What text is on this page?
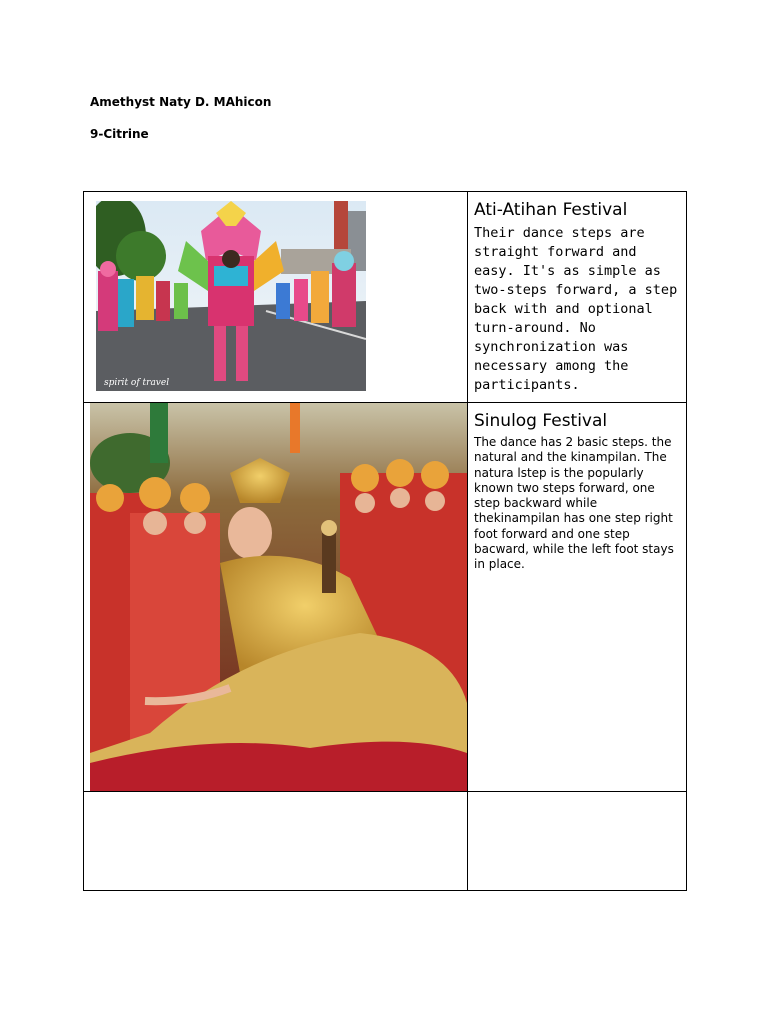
Amethyst Naty D. MAhicon
9-Citrine
spirit of travel	Ati-Atihan Festival
Their dance steps are straight forward and easy. It's as simple as two-steps forward, a step back with and optional turn-around. No synchronization was necessary among the participants.

Sinulog Festival
The dance has 2 basic steps. the natural and the kinampilan. The natura lstep is the popularly known two steps forward, one step backward while thekinampilan has one step right foot forward and one step bacward, while the left foot stays in place.
